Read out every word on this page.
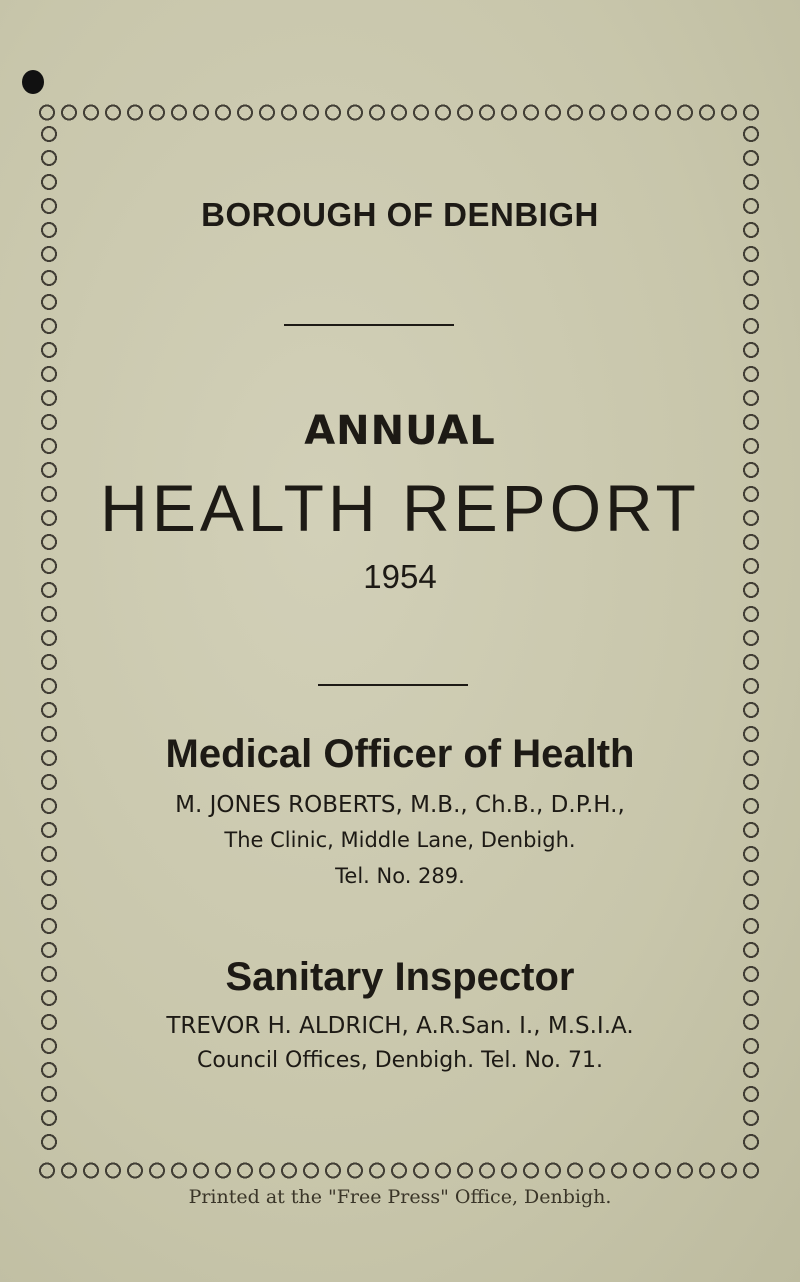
BOROUGH OF DENBIGH
ANNUAL
HEALTH REPORT
1954
Medical Officer of Health
M. JONES ROBERTS, M.B., Ch.B., D.P.H.,
The Clinic, Middle Lane, Denbigh.
Tel. No. 289.
Sanitary Inspector
TREVOR H. ALDRICH, A.R.San. I., M.S.I.A.
Council Offices, Denbigh. Tel. No. 71.
Printed at the "Free Press" Office, Denbigh.
